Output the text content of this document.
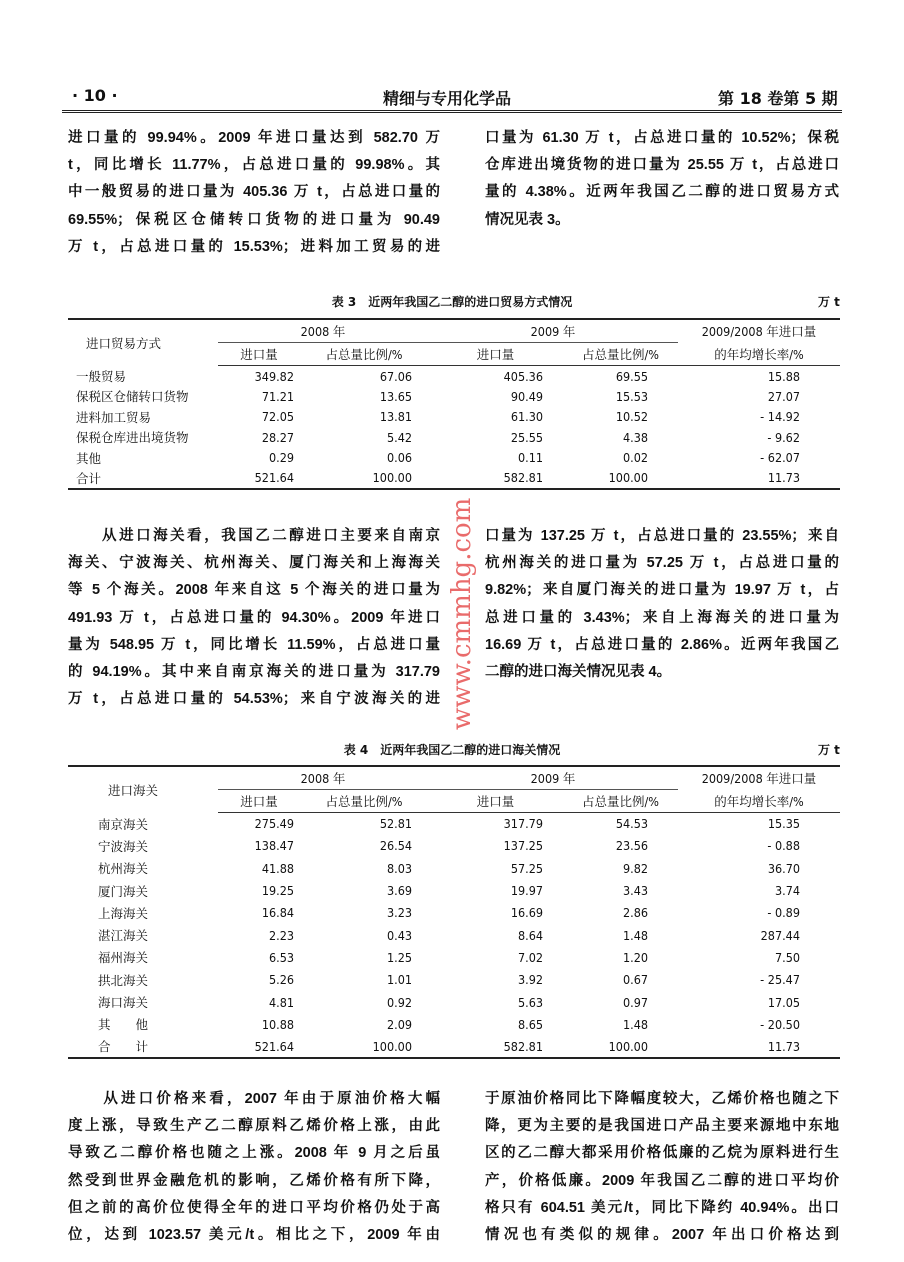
· 10 ·	精细与专用化学品	第 18 卷第 5 期
进口量的 99.94%。2009 年进口量达到 582.70 万
t，同比增长 11.77%，占总进口量的 99.98%。其
中一般贸易的进口量为 405.36 万 t，占总进口量的
69.55%；保税区仓储转口货物的进口量为 90.49
万 t，占总进口量的 15.53%；进料加工贸易的进
口量为 61.30 万 t，占总进口量的 10.52%；保税
仓库进出境货物的进口量为 25.55 万 t，占总进口
量的 4.38%。近两年我国乙二醇的进口贸易方式
情况见表 3。
表 3　近两年我国乙二醇的进口贸易方式情况	万 t
进口贸易方式	2008 年		2009 年		2009/2008 年进口量
	进口量	占总量比例/%	进口量	占总量比例/%	的年均增长率/%
一般贸易	349.82	67.06	405.36	69.55	15.88
保税区仓储转口货物	71.21	13.65	90.49	15.53	27.07
进料加工贸易	72.05	13.81	61.30	10.52	- 14.92
保税仓库进出境货物	28.27	5.42	25.55	4.38	- 9.62
其他	0.29	0.06	0.11	0.02	- 62.07
合计	521.64	100.00	582.81	100.00	11.73
　　从进口海关看，我国乙二醇进口主要来自南京
海关、宁波海关、杭州海关、厦门海关和上海海关
等 5 个海关。2008 年来自这 5 个海关的进口量为
491.93 万 t，占总进口量的 94.30%。2009 年进口
量为 548.95 万 t，同比增长 11.59%，占总进口量
的 94.19%。其中来自南京海关的进口量为 317.79
万 t，占总进口量的 54.53%；来自宁波海关的进
口量为 137.25 万 t，占总进口量的 23.55%；来自
杭州海关的进口量为 57.25 万 t，占总进口量的
9.82%；来自厦门海关的进口量为 19.97 万 t，占
总进口量的 3.43%；来自上海海关的进口量为
16.69 万 t，占总进口量的 2.86%。近两年我国乙
二醇的进口海关情况见表 4。
表 4　近两年我国乙二醇的进口海关情况	万 t
进口海关	2008 年		2009 年		2009/2008 年进口量
	进口量	占总量比例/%	进口量	占总量比例/%	的年均增长率/%
南京海关	275.49	52.81	317.79	54.53	15.35
宁波海关	138.47	26.54	137.25	23.56	- 0.88
杭州海关	41.88	8.03	57.25	9.82	36.70
厦门海关	19.25	3.69	19.97	3.43	3.74
上海海关	16.84	3.23	16.69	2.86	- 0.89
湛江海关	2.23	0.43	8.64	1.48	287.44
福州海关	6.53	1.25	7.02	1.20	7.50
拱北海关	5.26	1.01	3.92	0.67	- 25.47
海口海关	4.81	0.92	5.63	0.97	17.05
其　　他	10.88	2.09	8.65	1.48	- 20.50
合　　计	521.64	100.00	582.81	100.00	11.73
　　从进口价格来看，2007 年由于原油价格大幅
度上涨，导致生产乙二醇原料乙烯价格上涨，由此
导致乙二醇价格也随之上涨。2008 年 9 月之后虽
然受到世界金融危机的影响，乙烯价格有所下降，
但之前的高价位使得全年的进口平均价格仍处于高
位，达到 1023.57 美元/t。相比之下，2009 年由
于原油价格同比下降幅度较大，乙烯价格也随之下
降，更为主要的是我国进口产品主要来源地中东地
区的乙二醇大都采用价格低廉的乙烷为原料进行生
产，价格低廉。2009 年我国乙二醇的进口平均价
格只有 604.51 美元/t，同比下降约 40.94%。出口
情况也有类似的规律。2007 年出口价格达到
www.cmmhg.com
